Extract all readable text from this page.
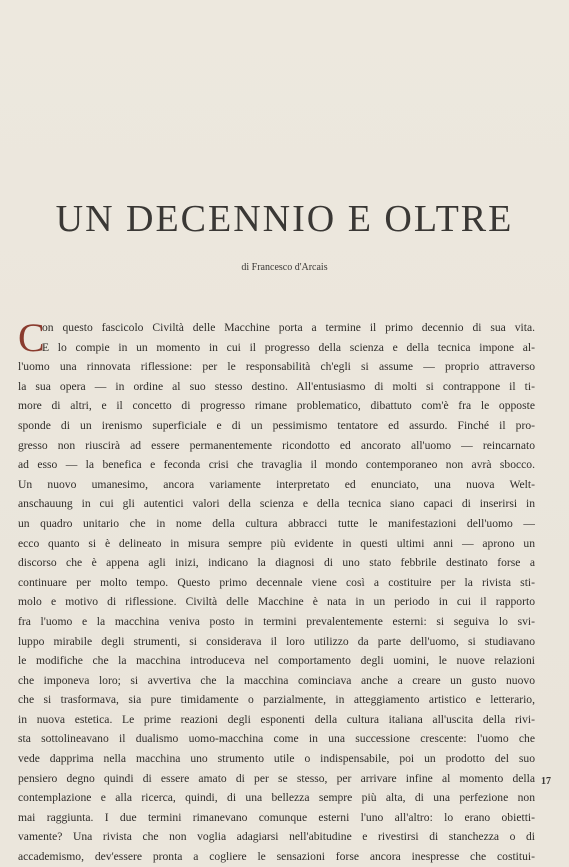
UN DECENNIO E OLTRE

di Francesco d'Arcais

C
on questo fascicolo Civiltà delle Macchine porta a termine il primo decennio di sua vita.
E lo compie in un momento in cui il progresso della scienza e della tecnica impone al-
l'uomo una rinnovata riflessione: per le responsabilità ch'egli si assume — proprio attraverso
la sua opera — in ordine al suo stesso destino. All'entusiasmo di molti si contrappone il ti-
more di altri, e il concetto di progresso rimane problematico, dibattuto com'è fra le opposte
sponde di un irenismo superficiale e di un pessimismo tentatore ed assurdo. Finché il pro-
gresso non riuscirà ad essere permanentemente ricondotto ed ancorato all'uomo — reincarnato
ad esso — la benefica e feconda crisi che travaglia il mondo contemporaneo non avrà sbocco.
Un nuovo umanesimo, ancora variamente interpretato ed enunciato, una nuova Welt-
anschauung in cui gli autentici valori della scienza e della tecnica siano capaci di inserirsi in
un quadro unitario che in nome della cultura abbracci tutte le manifestazioni dell'uomo —
ecco quanto si è delineato in misura sempre più evidente in questi ultimi anni — aprono un
discorso che è appena agli inizi, indicano la diagnosi di uno stato febbrile destinato forse a
continuare per molto tempo. Questo primo decennale viene così a costituire per la rivista sti-
molo e motivo di riflessione. Civiltà delle Macchine è nata in un periodo in cui il rapporto
fra l'uomo e la macchina veniva posto in termini prevalentemente esterni: si seguiva lo svi-
luppo mirabile degli strumenti, si considerava il loro utilizzo da parte dell'uomo, si studiavano
le modifiche che la macchina introduceva nel comportamento degli uomini, le nuove relazioni
che imponeva loro; si avvertiva che la macchina cominciava anche a creare un gusto nuovo
che si trasformava, sia pure timidamente o parzialmente, in atteggiamento artistico e letterario,
in nuova estetica. Le prime reazioni degli esponenti della cultura italiana all'uscita della rivi-
sta sottolineavano il dualismo uomo-macchina come in una successione crescente: l'uomo che
vede dapprima nella macchina uno strumento utile o indispensabile, poi un prodotto del suo
pensiero degno quindi di essere amato di per se stesso, per arrivare infine al momento della
contemplazione e alla ricerca, quindi, di una bellezza sempre più alta, di una perfezione non
mai raggiunta. I due termini rimanevano comunque esterni l'uno all'altro: lo erano obietti-
vamente? Una rivista che non voglia adagiarsi nell'abitudine e rivestirsi di stanchezza o di
accademismo, dev'essere pronta a cogliere le sensazioni forse ancora inespresse che costitui-

17
